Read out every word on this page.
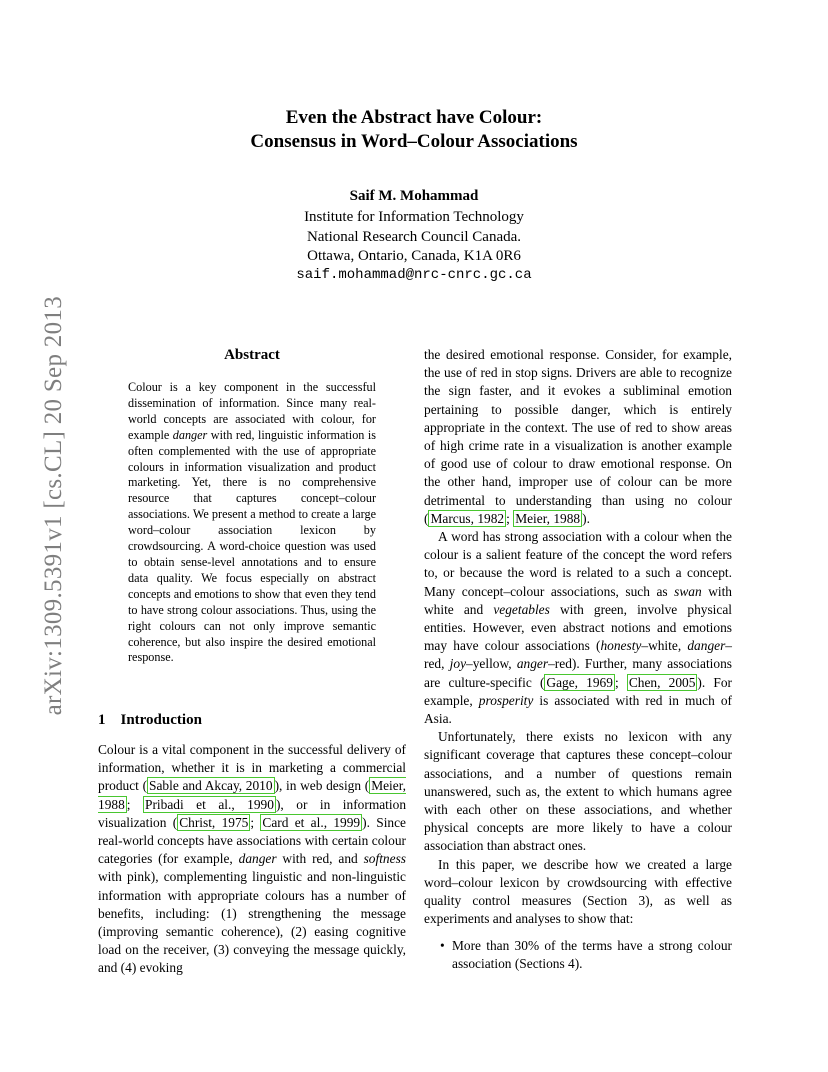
arXiv:1309.5391v1 [cs.CL] 20 Sep 2013
Even the Abstract have Colour:
Consensus in Word–Colour Associations
Saif M. Mohammad
Institute for Information Technology
National Research Council Canada.
Ottawa, Ontario, Canada, K1A 0R6
saif.mohammad@nrc-cnrc.gc.ca
Abstract

Colour is a key component in the successful dissemination of information. Since many real-world concepts are associated with colour, for example danger with red, linguistic information is often complemented with the use of appropriate colours in information visualization and product marketing. Yet, there is no comprehensive resource that captures concept–colour associations. We present a method to create a large word–colour association lexicon by crowdsourcing. A word-choice question was used to obtain sense-level annotations and to ensure data quality. We focus especially on abstract concepts and emotions to show that even they tend to have strong colour associations. Thus, using the right colours can not only improve semantic coherence, but also inspire the desired emotional response.

1 Introduction

Colour is a vital component in the successful delivery of information, whether it is in marketing a commercial product ( Sable and Akcay, 2010 ), in web design ( Meier, 1988 ; Pribadi et al., 1990 ), or in information visualization ( Christ, 1975 ; Card et al., 1999 ). Since real-world concepts have associations with certain colour categories (for example, danger with red, and softness with pink), complementing linguistic and non-linguistic information with appropriate colours has a number of benefits, including: (1) strengthening the message (improving semantic coherence), (2) easing cognitive load on the receiver, (3) conveying the message quickly, and (4) evoking

the desired emotional response. Consider, for example, the use of red in stop signs. Drivers are able to recognize the sign faster, and it evokes a subliminal emotion pertaining to possible danger, which is entirely appropriate in the context. The use of red to show areas of high crime rate in a visualization is another example of good use of colour to draw emotional response. On the other hand, improper use of colour can be more detrimental to understanding than using no colour ( Marcus, 1982 ; Meier, 1988 ).

A word has strong association with a colour when the colour is a salient feature of the concept the word refers to, or because the word is related to a such a concept. Many concept–colour associations, such as swan with white and vegetables with green, involve physical entities. However, even abstract notions and emotions may have colour associations (honesty–white, danger–red, joy–yellow, anger–red). Further, many associations are culture-specific ( Gage, 1969 ; Chen, 2005 ). For example, prosperity is associated with red in much of Asia.

Unfortunately, there exists no lexicon with any significant coverage that captures these concept–colour associations, and a number of questions remain unanswered, such as, the extent to which humans agree with each other on these associations, and whether physical concepts are more likely to have a colour association than abstract ones.

In this paper, we describe how we created a large word–colour lexicon by crowdsourcing with effective quality control measures (Section 3), as well as experiments and analyses to show that:

• More than 30% of the terms have a strong colour association (Sections 4).
